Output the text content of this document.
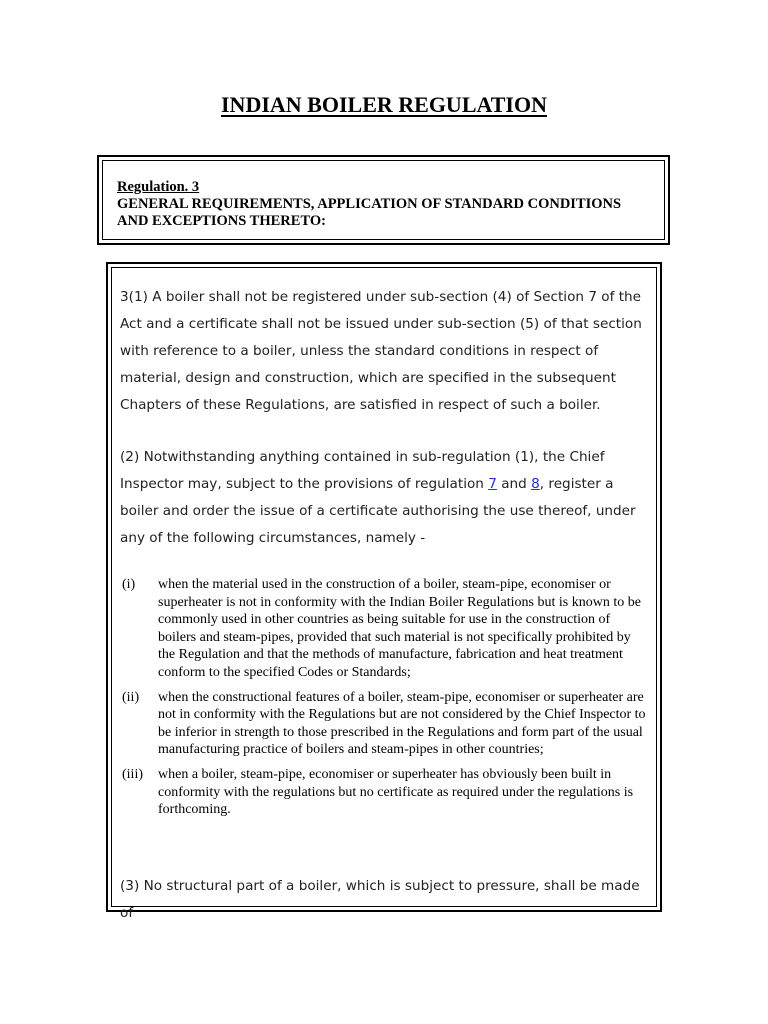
INDIAN BOILER REGULATION
Regulation. 3
GENERAL REQUIREMENTS, APPLICATION OF STANDARD CONDITIONS
AND EXCEPTIONS THERETO:

3(1) A boiler shall not be registered under sub-section (4) of Section 7 of the Act and a certificate shall not be issued under sub-section (5) of that section with reference to a boiler, unless the standard conditions in respect of material, design and construction, which are specified in the subsequent Chapters of these Regulations, are satisfied in respect of such a boiler.

(2) Notwithstanding anything contained in sub-regulation (1), the Chief Inspector may, subject to the provisions of regulation 7 and 8, register a boiler and order the issue of a certificate authorising the use thereof, under any of the following circumstances, namely -

(i) when the material used in the construction of a boiler, steam-pipe, economiser or superheater is not in conformity with the Indian Boiler Regulations but is known to be commonly used in other countries as being suitable for use in the construction of boilers and steam-pipes, provided that such material is not specifically prohibited by the Regulation and that the methods of manufacture, fabrication and heat treatment conform to the specified Codes or Standards;
(ii) when the constructional features of a boiler, steam-pipe, economiser or superheater are not in conformity with the Regulations but are not considered by the Chief Inspector to be inferior in strength to those prescribed in the Regulations and form part of the usual manufacturing practice of boilers and steam-pipes in other countries;
(iii) when a boiler, steam-pipe, economiser or superheater has obviously been built in conformity with the regulations but no certificate as required under the regulations is forthcoming.

(3) No structural part of a boiler, which is subject to pressure, shall be made of
